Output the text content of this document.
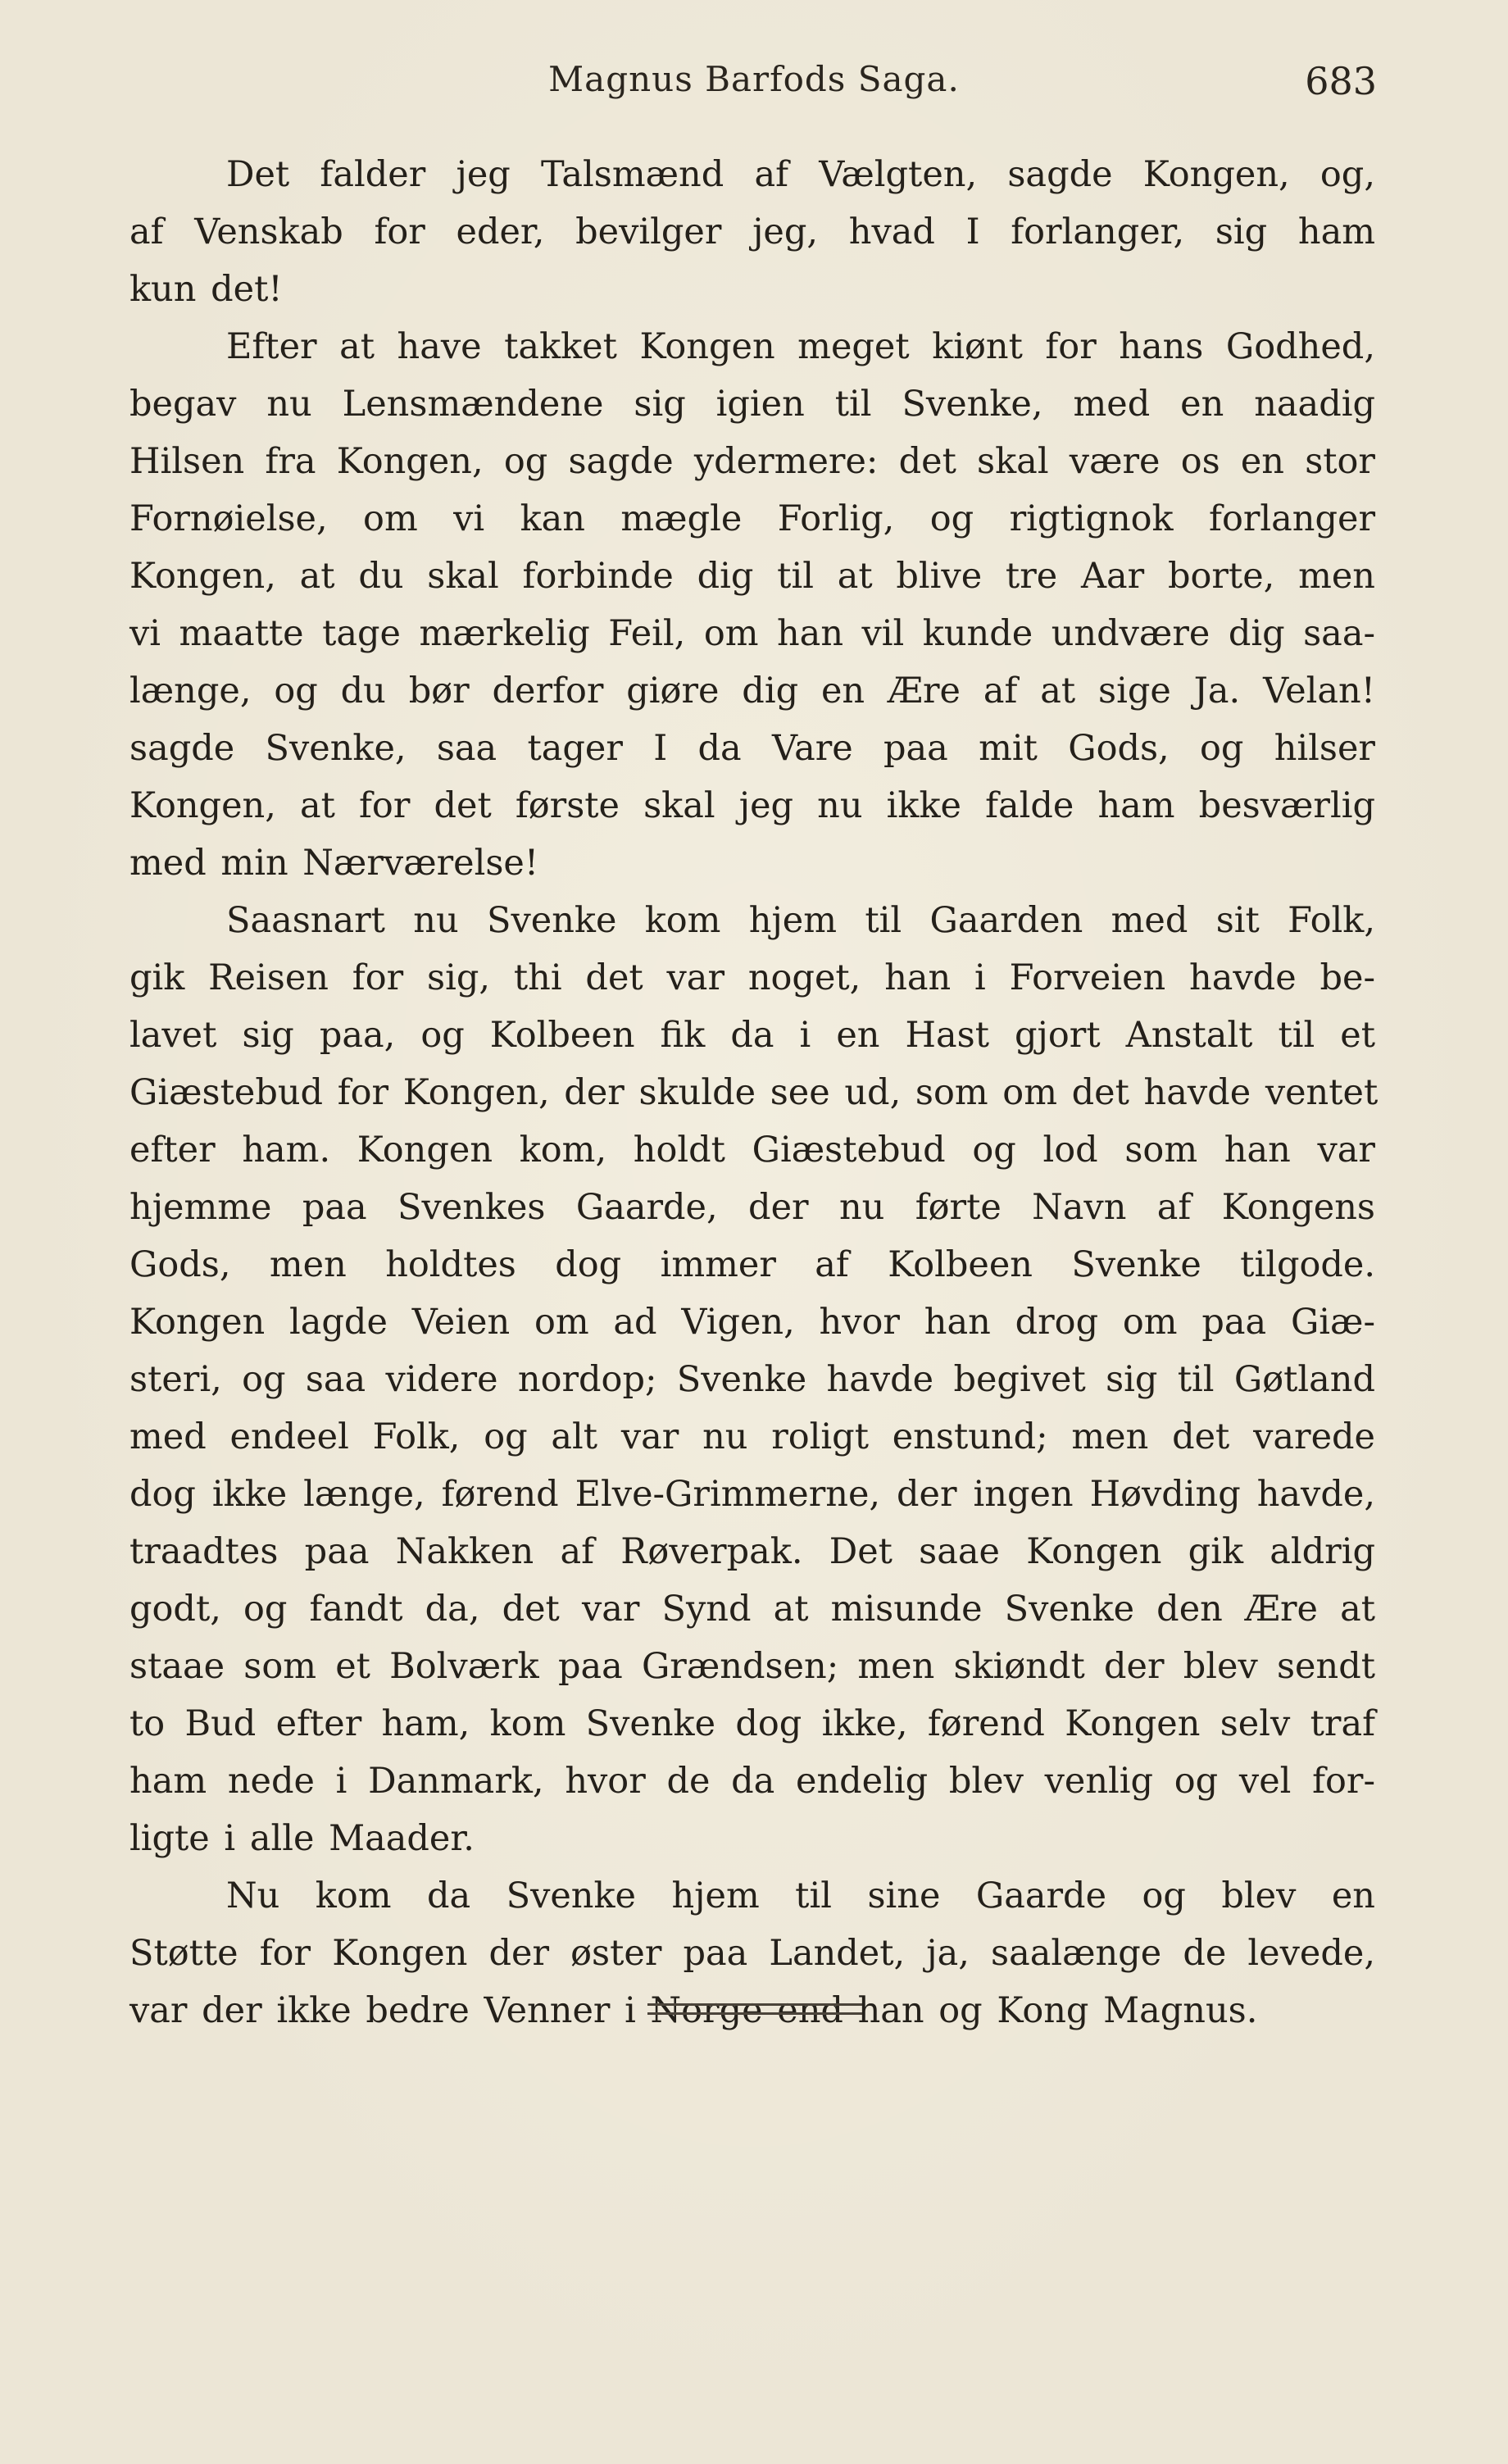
Magnus Barfods Saga.	683
Det falder jeg Talsmænd af Vælgten, sagde Kongen, og,
af Venskab for eder, bevilger jeg, hvad I forlanger, sig ham
kun det!
Efter at have takket Kongen meget kiønt for hans Godhed,
begav nu Lensmændene sig igien til Svenke, med en naadig
Hilsen fra Kongen, og sagde ydermere: det skal være os en stor
Fornøielse, om vi kan mægle Forlig, og rigtignok forlanger
Kongen, at du skal forbinde dig til at blive tre Aar borte, men
vi maatte tage mærkelig Feil, om han vil kunde undvære dig saa-
længe, og du bør derfor giøre dig en Ære af at sige Ja. Velan!
sagde Svenke, saa tager I da Vare paa mit Gods, og hilser
Kongen, at for det første skal jeg nu ikke falde ham besværlig
med min Nærværelse!
Saasnart nu Svenke kom hjem til Gaarden med sit Folk,
gik Reisen for sig, thi det var noget, han i Forveien havde be-
lavet sig paa, og Kolbeen fik da i en Hast gjort Anstalt til et
Giæstebud for Kongen, der skulde see ud, som om det havde ventet
efter ham. Kongen kom, holdt Giæstebud og lod som han var
hjemme paa Svenkes Gaarde, der nu førte Navn af Kongens
Gods, men holdtes dog immer af Kolbeen Svenke tilgode.
Kongen lagde Veien om ad Vigen, hvor han drog om paa Giæ-
steri, og saa videre nordop; Svenke havde begivet sig til Gøtland
med endeel Folk, og alt var nu roligt enstund; men det varede
dog ikke længe, førend Elve-Grimmerne, der ingen Høvding havde,
traadtes paa Nakken af Røverpak. Det saae Kongen gik aldrig
godt, og fandt da, det var Synd at misunde Svenke den Ære at
staae som et Bolværk paa Grændsen; men skiøndt der blev sendt
to Bud efter ham, kom Svenke dog ikke, førend Kongen selv traf
ham nede i Danmark, hvor de da endelig blev venlig og vel for-
ligte i alle Maader.
Nu kom da Svenke hjem til sine Gaarde og blev en
Støtte for Kongen der øster paa Landet, ja, saalænge de levede,
var der ikke bedre Venner i Norge end han og Kong Magnus.
